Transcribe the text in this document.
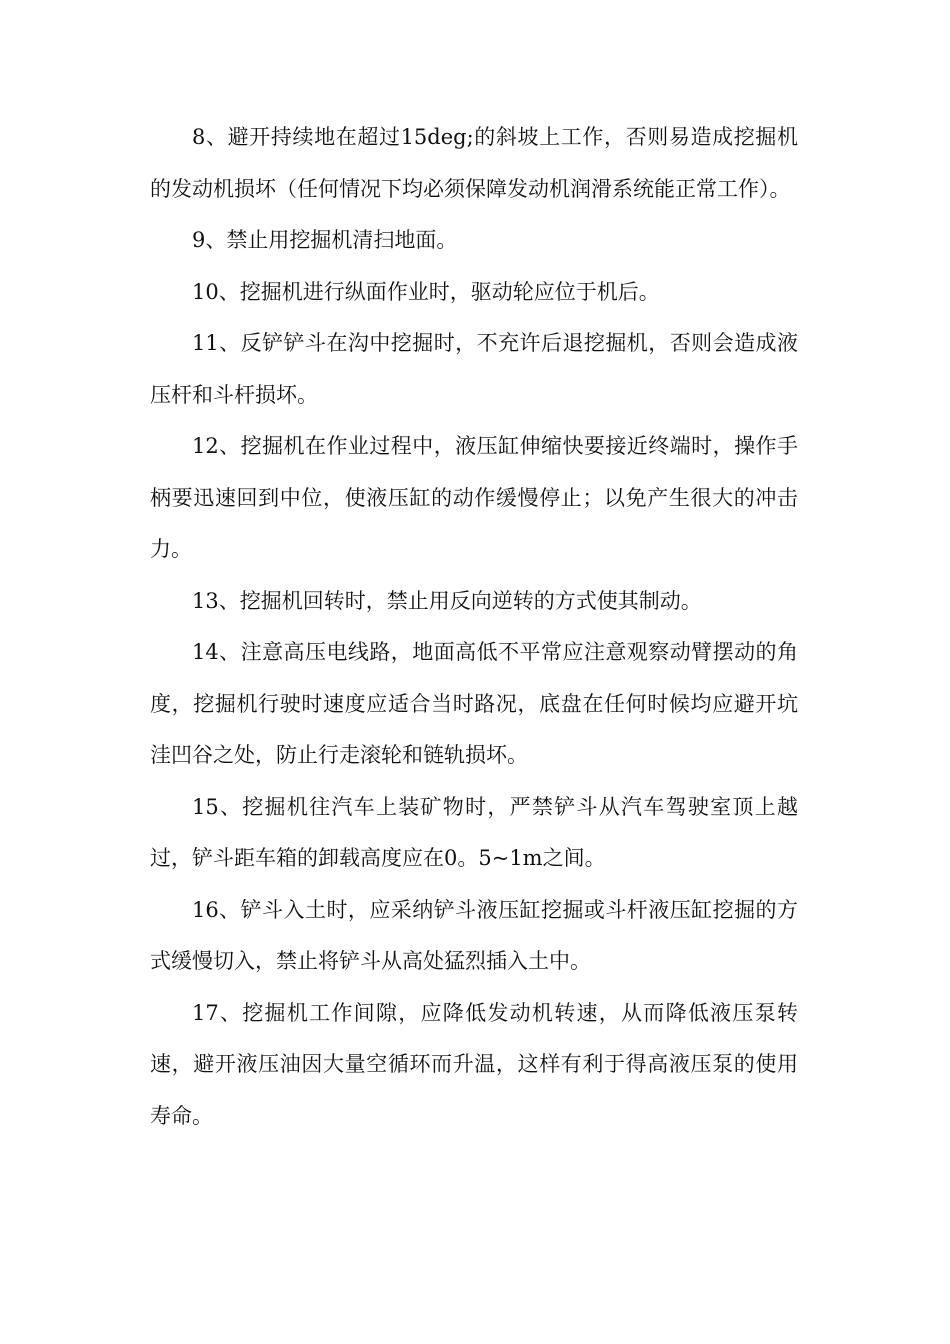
8、避开持续地在超过15deg;的斜坡上工作，否则易造成挖掘机的发动机损坏（任何情况下均必须保障发动机润滑系统能正常工作）。

9、禁止用挖掘机清扫地面。

10、挖掘机进行纵面作业时，驱动轮应位于机后。

11、反铲铲斗在沟中挖掘时，不充许后退挖掘机，否则会造成液压杆和斗杆损坏。

12、挖掘机在作业过程中，液压缸伸缩快要接近终端时，操作手柄要迅速回到中位，使液压缸的动作缓慢停止；以免产生很大的冲击力。

13、挖掘机回转时，禁止用反向逆转的方式使其制动。

14、注意高压电线路，地面高低不平常应注意观察动臂摆动的角度，挖掘机行驶时速度应适合当时路况，底盘在任何时候均应避开坑洼凹谷之处，防止行走滚轮和链轨损坏。

15、挖掘机往汽车上装矿物时，严禁铲斗从汽车驾驶室顶上越过，铲斗距车箱的卸载高度应在0。5~1m之间。

16、铲斗入土时，应采纳铲斗液压缸挖掘或斗杆液压缸挖掘的方式缓慢切入，禁止将铲斗从高处猛烈插入土中。

17、挖掘机工作间隙，应降低发动机转速，从而降低液压泵转速，避开液压油因大量空循环而升温，这样有利于得高液压泵的使用寿命。
